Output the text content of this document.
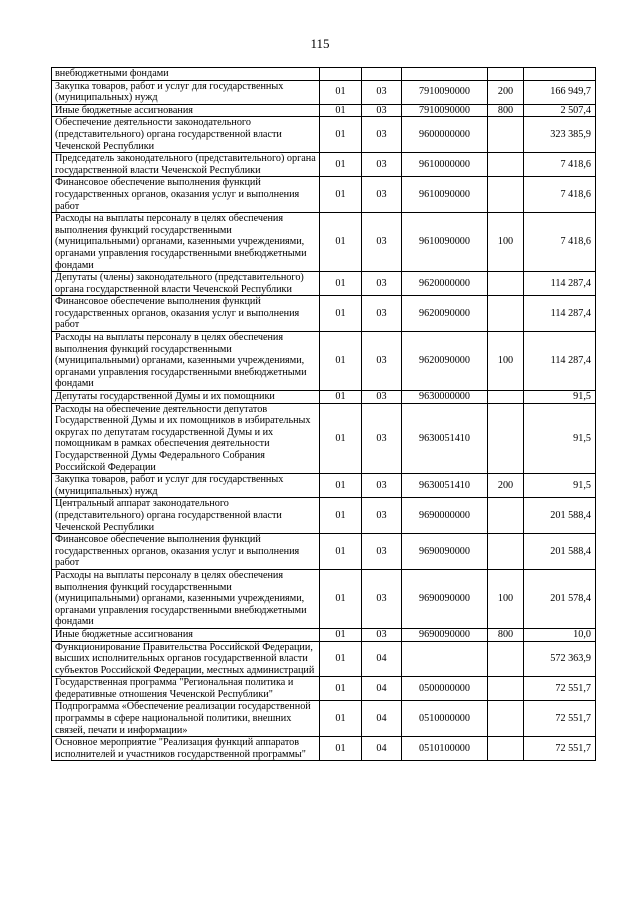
115
внебюджетными фондами					
Закупка товаров, работ и услуг для государственных (муниципальных) нужд	01	03	7910090000	200	166 949,7
Иные бюджетные ассигнования	01	03	7910090000	800	2 507,4
Обеспечение деятельности законодательного (представительного) органа государственной власти Чеченской Республики	01	03	9600000000		323 385,9
Председатель законодательного (представительного) органа государственной власти Чеченской Республики	01	03	9610000000		7 418,6
Финансовое обеспечение выполнения функций государственных органов, оказания услуг и выполнения работ	01	03	9610090000		7 418,6
Расходы на выплаты персоналу в целях обеспечения выполнения функций государственными (муниципальными) органами, казенными учреждениями, органами управления государственными внебюджетными фондами	01	03	9610090000	100	7 418,6
Депутаты (члены) законодательного (представительного) органа государственной власти Чеченской Республики	01	03	9620000000		114 287,4
Финансовое обеспечение выполнения функций государственных органов, оказания услуг и выполнения работ	01	03	9620090000		114 287,4
Расходы на выплаты персоналу в целях обеспечения выполнения функций государственными (муниципальными) органами, казенными учреждениями, органами управления государственными внебюджетными фондами	01	03	9620090000	100	114 287,4
Депутаты государственной Думы и их помощники	01	03	9630000000		91,5
Расходы на обеспечение деятельности депутатов Государственной Думы и их помощников в избирательных округах по депутатам государственной Думы и их помощникам в рамках обеспечения деятельности Государственной Думы Федерального Собрания Российской Федерации	01	03	9630051410		91,5
Закупка товаров, работ и услуг для государственных (муниципальных) нужд	01	03	9630051410	200	91,5
Центральный аппарат законодательного (представительного) органа государственной власти Чеченской Республики	01	03	9690000000		201 588,4
Финансовое обеспечение выполнения функций государственных органов, оказания услуг и выполнения работ	01	03	9690090000		201 588,4
Расходы на выплаты персоналу в целях обеспечения выполнения функций государственными (муниципальными) органами, казенными учреждениями, органами управления государственными внебюджетными фондами	01	03	9690090000	100	201 578,4
Иные бюджетные ассигнования	01	03	9690090000	800	10,0
Функционирование Правительства Российской Федерации, высших исполнительных органов государственной власти субъектов Российской Федерации, местных администраций	01	04			572 363,9
Государственная программа "Региональная политика и федеративные отношения Чеченской Республики"	01	04	0500000000		72 551,7
Подпрограмма «Обеспечение реализации государственной программы в сфере национальной политики, внешних связей, печати и информации»	01	04	0510000000		72 551,7
Основное мероприятие "Реализация функций аппаратов исполнителей и участников государственной программы"	01	04	0510100000		72 551,7
